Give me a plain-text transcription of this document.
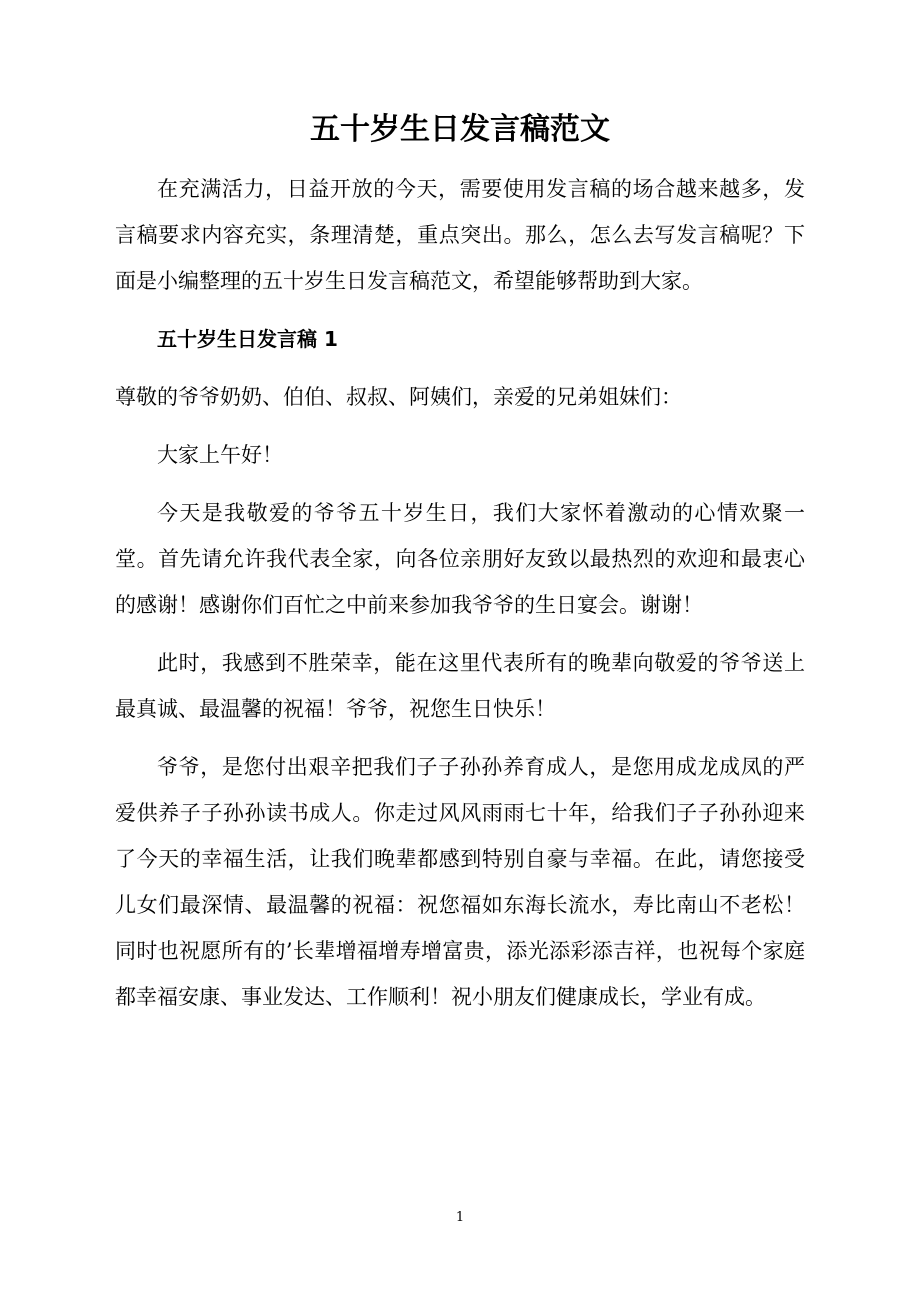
五十岁生日发言稿范文

在充满活力，日益开放的今天，需要使用发言稿的场合越来越多，发言稿要求内容充实，条理清楚，重点突出。那么，怎么去写发言稿呢？下面是小编整理的五十岁生日发言稿范文，希望能够帮助到大家。

五十岁生日发言稿 1

尊敬的爷爷奶奶、伯伯、叔叔、阿姨们，亲爱的兄弟姐妹们：

大家上午好！

今天是我敬爱的爷爷五十岁生日，我们大家怀着激动的心情欢聚一堂。首先请允许我代表全家，向各位亲朋好友致以最热烈的欢迎和最衷心的感谢！感谢你们百忙之中前来参加我爷爷的生日宴会。谢谢！

此时，我感到不胜荣幸，能在这里代表所有的晚辈向敬爱的爷爷送上最真诚、最温馨的祝福！爷爷，祝您生日快乐！

爷爷，是您付出艰辛把我们子子孙孙养育成人，是您用成龙成凤的严爱供养子子孙孙读书成人。你走过风风雨雨七十年，给我们子子孙孙迎来了今天的幸福生活，让我们晚辈都感到特别自豪与幸福。在此，请您接受儿女们最深情、最温馨的祝福：祝您福如东海长流水，寿比南山不老松！同时也祝愿所有的’长辈增福增寿增富贵，添光添彩添吉祥，也祝每个家庭都幸福安康、事业发达、工作顺利！祝小朋友们健康成长，学业有成。

1
